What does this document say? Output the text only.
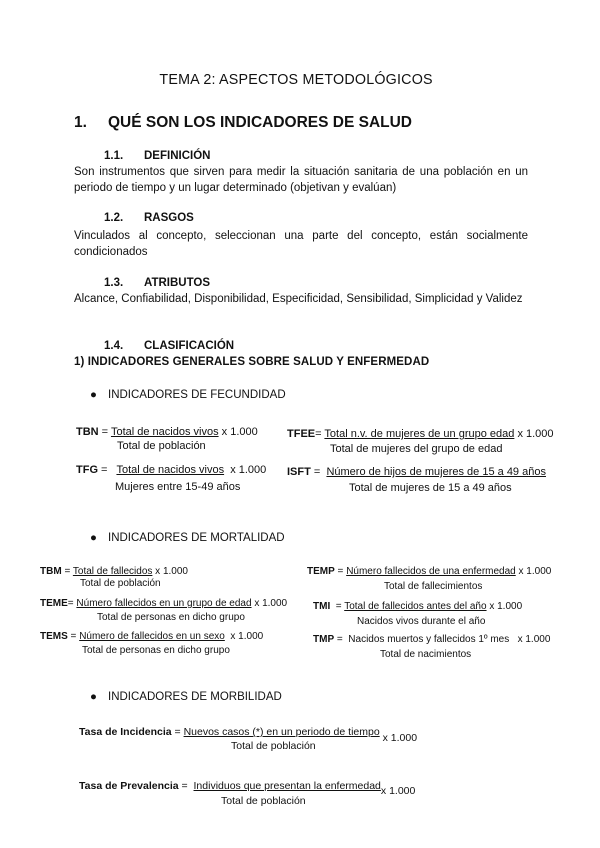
TEMA 2: ASPECTOS METODOLÓGICOS
1. QUÉ SON LOS INDICADORES DE SALUD
1.1. DEFINICIÓN
Son instrumentos que sirven para medir la situación sanitaria de una población en un periodo de tiempo y un lugar determinado (objetivan y evalúan)
1.2. RASGOS
Vinculados al concepto, seleccionan una parte del concepto, están socialmente condicionados
1.3. ATRIBUTOS
Alcance, Confiabilidad, Disponibilidad, Especificidad, Sensibilidad, Simplicidad y Validez
1.4. CLASIFICACIÓN
1) INDICADORES GENERALES SOBRE SALUD Y ENFERMEDAD
● INDICADORES DE FECUNDIDAD
TBN = Total de nacidos vivos x 1.000
Total de población
TFG =   Total de nacidos vivos x 1.000
Mujeres entre 15-49 años
TFEE= Total n.v. de mujeres de un grupo edad x 1.000
Total de mujeres del grupo de edad
ISFT =  Número de hijos de mujeres de 15 a 49 años
Total de mujeres de 15 a 49 años
● INDICADORES DE MORTALIDAD
TBM = Total de fallecidos x 1.000
Total de población
TEME= Número fallecidos en un grupo de edad x 1.000
Total de personas en dicho grupo
TEMS = Número de fallecidos en un sexo x 1.000
Total de personas en dicho grupo
TEMP = Número fallecidos de una enfermedad x 1.000
Total de fallecimientos
TMI  = Total de fallecidos antes del año x 1.000
Nacidos vivos durante el año
TMP =  Nacidos muertos y fallecidos 1º mes x 1.000
Total de nacimientos
● INDICADORES DE MORBILIDAD
Tasa de Incidencia = Nuevos casos (*) en un periodo de tiempo x 1.000
Total de población
Tasa de Prevalencia =  Individuos que presentan la enfermedadx 1.000
Total de población
